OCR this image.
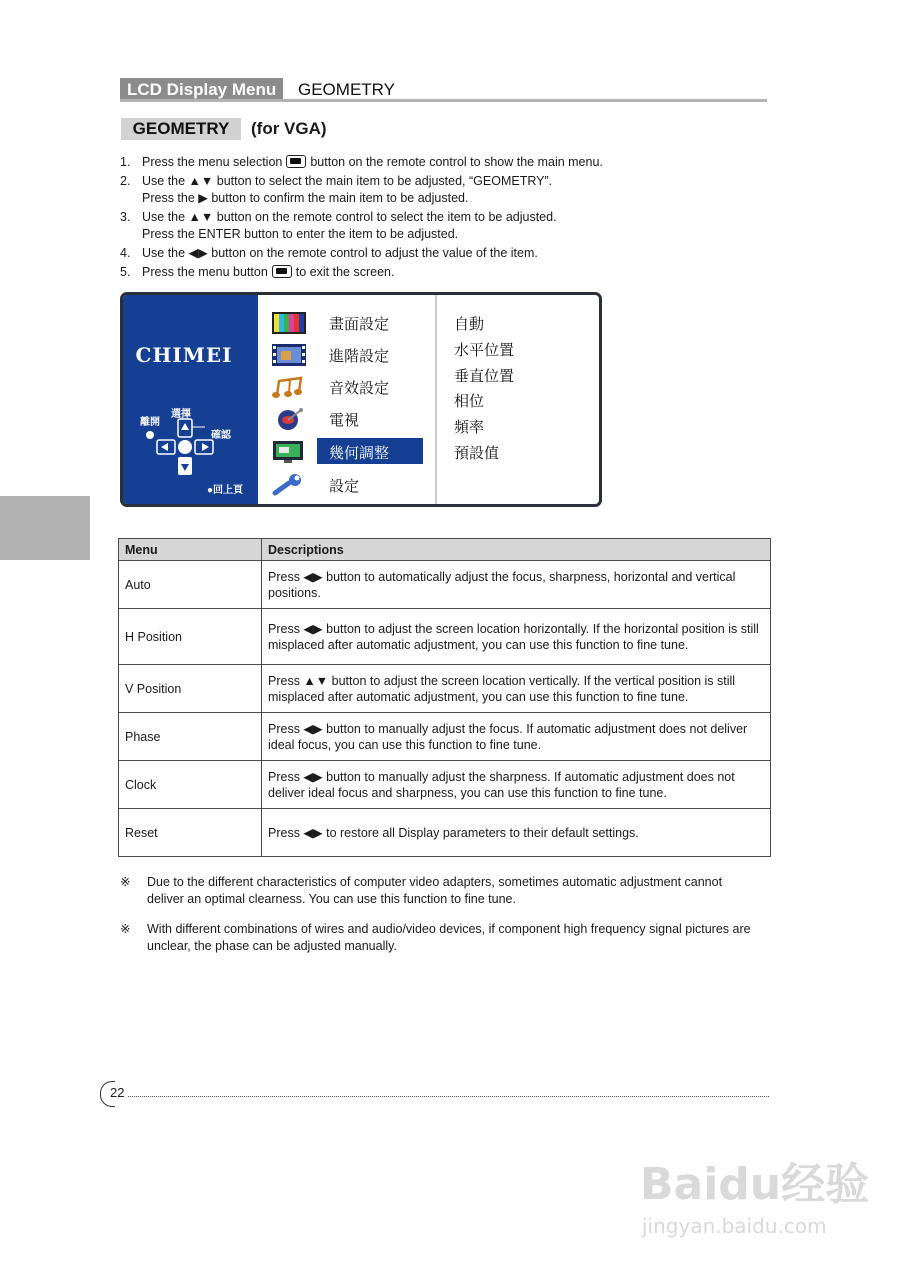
LCD Display Menu	GEOMETRY
GEOMETRY	(for VGA)
1. Press the menu selection button on the remote control to show the main menu.
2. Use the ▲▼ button to select the main item to be adjusted, “GEOMETRY”.
Press the ▶ button to confirm the main item to be adjusted.
3. Use the ▲▼ button on the remote control to select the item to be adjusted.
Press the ENTER button to enter the item to be adjusted.
4. Use the ◀▶ button on the remote control to adjust the value of the item.
5. Press the menu button to exit the screen.
CHIMEI
離開
選擇
確認
●回上頁
畫面設定
進階設定
音效設定
電視
幾何調整
設定
自動
水平位置
垂直位置
相位
頻率
預設值
Menu	Descriptions
Auto	Press ◀▶ button to automatically adjust the focus, sharpness, horizontal and vertical positions.
H Position	Press ◀▶ button to adjust the screen location horizontally. If the horizontal position is still misplaced after automatic adjustment, you can use this function to fine tune.
V Position	Press ▲▼ button to adjust the screen location vertically. If the vertical position is still misplaced after automatic adjustment, you can use this function to fine tune.
Phase	Press ◀▶ button to manually adjust the focus. If automatic adjustment does not deliver ideal focus, you can use this function to fine tune.
Clock	Press ◀▶ button to manually adjust the sharpness. If automatic adjustment does not deliver ideal focus and sharpness, you can use this function to fine tune.
Reset	Press ◀▶ to restore all Display parameters to their default settings.
※ Due to the different characteristics of computer video adapters, sometimes automatic adjustment cannot deliver an optimal clearness. You can use this function to fine tune.
※ With different combinations of wires and audio/video devices, if component high frequency signal pictures are unclear, the phase can be adjusted manually.
22
Baidu经验
jingyan.baidu.com
